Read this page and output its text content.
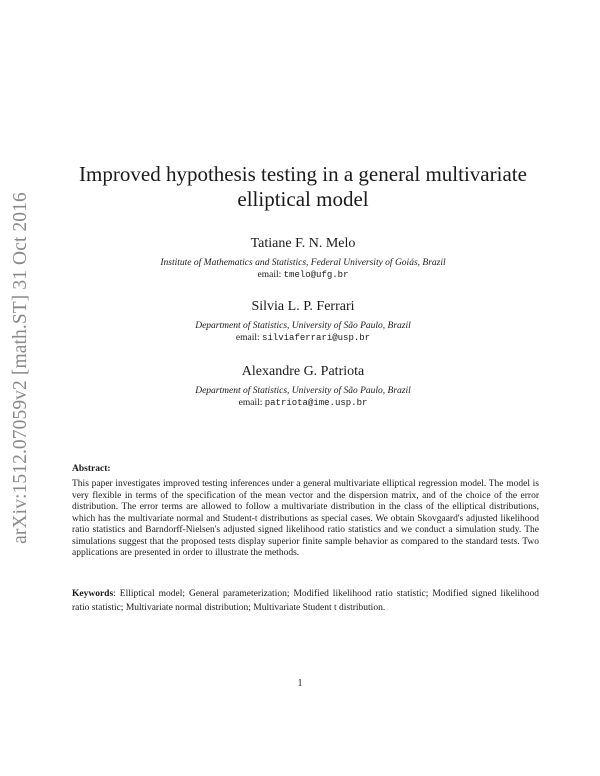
arXiv:1512.07059v2 [math.ST] 31 Oct 2016
Improved hypothesis testing in a general multivariate elliptical model

Tatiane F. N. Melo

Institute of Mathematics and Statistics, Federal University of Goiás, Brazil

email: tmelo@ufg.br

Silvia L. P. Ferrari

Department of Statistics, University of São Paulo, Brazil

email: silviaferrari@usp.br

Alexandre G. Patriota

Department of Statistics, University of São Paulo, Brazil

email: patriota@ime.usp.br

Abstract:

This paper investigates improved testing inferences under a general multivariate elliptical regression model. The model is very flexible in terms of the specification of the mean vector and the dispersion matrix, and of the choice of the error distribution. The error terms are allowed to follow a multivariate distribution in the class of the elliptical distributions, which has the multivariate normal and Student-t distributions as special cases. We obtain Skovgaard's adjusted likelihood ratio statistics and Barndorff-Nielsen's adjusted signed likelihood ratio statistics and we conduct a simulation study. The simulations suggest that the proposed tests display superior finite sample behavior as compared to the standard tests. Two applications are presented in order to illustrate the methods.

Keywords: Elliptical model; General parameterization; Modified likelihood ratio statistic; Modified signed likelihood ratio statistic; Multivariate normal distribution; Multivariate Student t distribution.

1
